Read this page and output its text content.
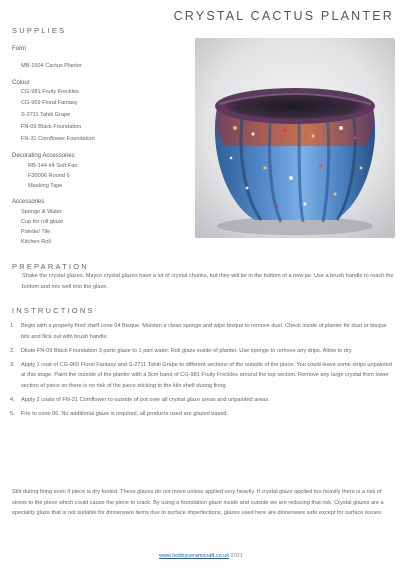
CRYSTAL CACTUS PLANTER
SUPPLIES
Form
MB-1504 Cactus Planter
Colour
CG-981 Fruity Freckles
CG-969 Floral Fantasy
S-2711 Tahiti Grape
FN-09 Black Foundation
FN-31 Cornflower Foundation
Decorating Accessories
RB-144 #4 Soft Fan
F30006 Round 6
Masking Tape
Accessories
Sponge & Water
Cup for roll glaze
Palette/ Tile
Kitchen Roll
PREPARATION
Shake the crystal glazes. Mayco crystal glazes have a lot of crystal chunks, but they will be in the bottom of a new jar. Use a brush handle to reach the bottom and mix well into the glaze.
INSTRUCTIONS
1.	Begin with a properly fired shelf cone 04 Bisque. Moisten a clean sponge and wipe bisque to remove dust. Check inside of planter for dust or bisque bits and flick out with brush handle.
2.	Dilute FN-09 Black Foundation 3 parts glaze to 1 part water. Roll glaze inside of planter. Use sponge to remove any drips. Allow to dry.
3.	Apply 1 coat of CG-969 Floral Fantasy and S-2711 Tahiti Grape to different sections of the outside of the piece. You could leave some strips unpainted at this stage. Paint the outside of the planter with a 3cm band of CG-981 Fruity Freckles around the top section. Remove any large crystal from lower section of piece so there is no risk of the piece sticking to the kiln shelf during firing.
4.	Apply 2 coats of FN-31 Cornflower to outside of pot over all crystal glaze areas and unpainted areas.
5.	Fire to cone 06. No additional glaze is required, all products used are glazed based.
Stilt during firing even if piece is dry footed. These glazes do not move unless applied very heavily. If crystal glaze applied too heavily there is a risk of stress to the piece which could cause the piece to crack. By using a foundation glaze inside and outside we are reducing that risk. Crystal glazes are a speciality glaze that is not suitable for dinnerware items due to surface imperfections, glazes used here are dinnerware safe except for surface issues.
www.hobbyceramicraft.co.uk 2021
